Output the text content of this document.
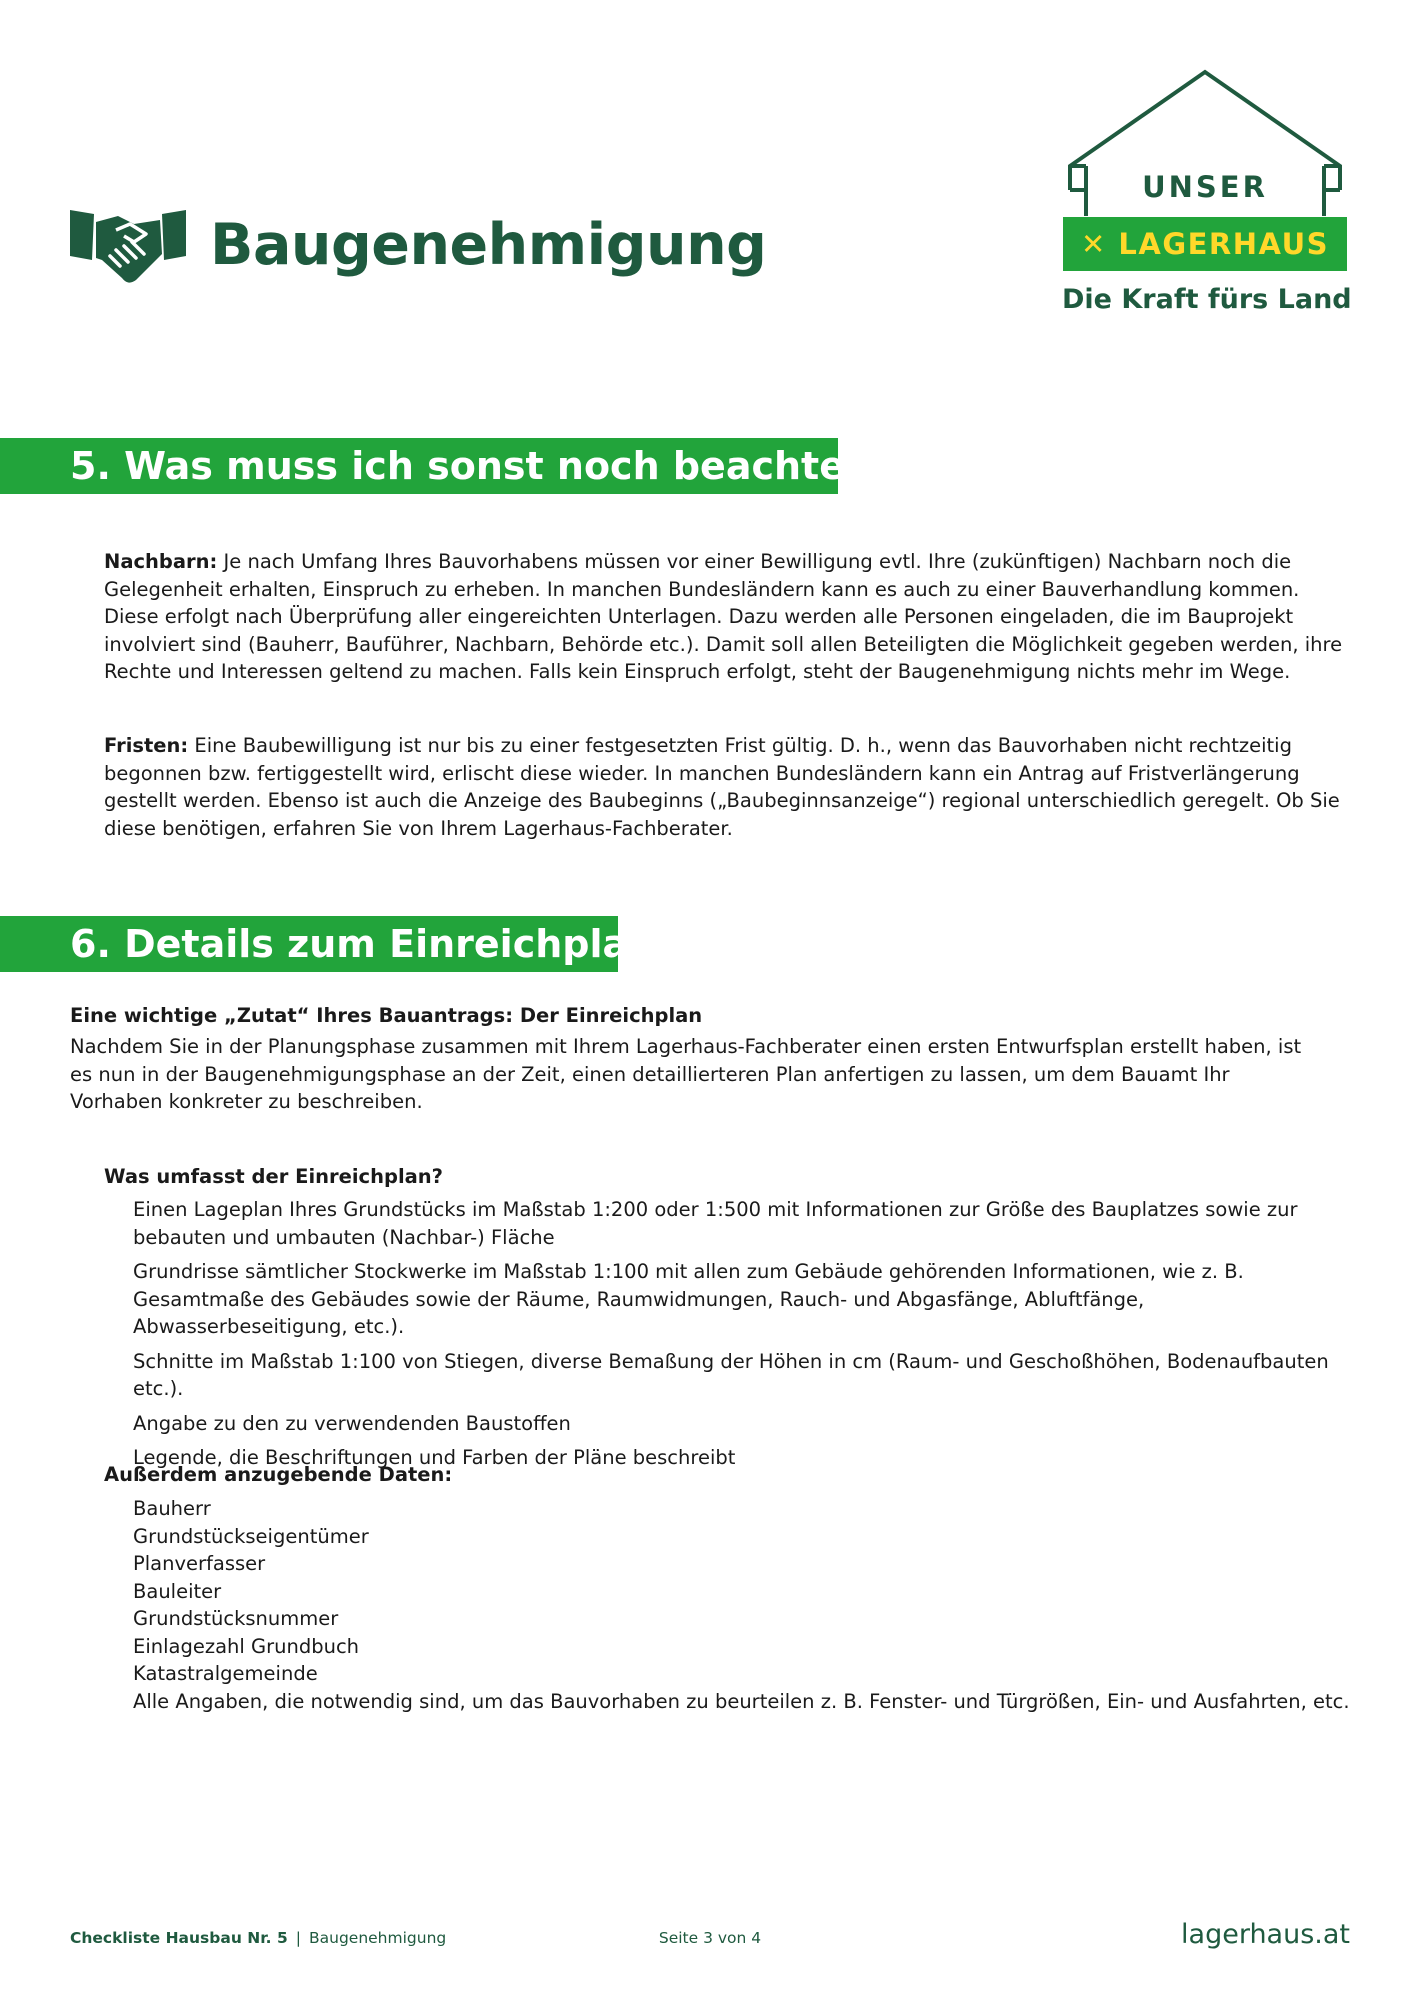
Baugenehmigung
UNSER
✕ LAGERHAUS
Die Kraft fürs Land
5. Was muss ich sonst noch beachten?
Nachbarn: Je nach Umfang Ihres Bauvorhabens müssen vor einer Bewilligung evtl. Ihre (zukünftigen) Nachbarn noch die Gelegenheit erhalten, Einspruch zu erheben. In manchen Bundesländern kann es auch zu einer Bauverhandlung kommen. Diese erfolgt nach Überprüfung aller eingereichten Unterlagen. Dazu werden alle Personen eingeladen, die im Bauprojekt involviert sind (Bauherr, Bauführer, Nachbarn, Behörde etc.). Damit soll allen Beteiligten die Möglichkeit gegeben werden, ihre Rechte und Interessen geltend zu machen. Falls kein Einspruch erfolgt, steht der Baugenehmigung nichts mehr im Wege.
Fristen: Eine Baubewilligung ist nur bis zu einer festgesetzten Frist gültig. D. h., wenn das Bauvorhaben nicht rechtzeitig begonnen bzw. fertiggestellt wird, erlischt diese wieder. In manchen Bundesländern kann ein Antrag auf Fristverlängerung gestellt werden. Ebenso ist auch die Anzeige des Baubeginns („Baubeginnsanzeige“) regional unterschiedlich geregelt. Ob Sie diese benötigen, erfahren Sie von Ihrem Lagerhaus-Fachberater.
6. Details zum Einreichplan
Eine wichtige „Zutat“ Ihres Bauantrags: Der Einreichplan
Nachdem Sie in der Planungsphase zusammen mit Ihrem Lagerhaus-Fachberater einen ersten Entwurfsplan erstellt haben, ist es nun in der Baugenehmigungsphase an der Zeit, einen detaillierteren Plan anfertigen zu lassen, um dem Bauamt Ihr Vorhaben konkreter zu beschreiben.
Was umfasst der Einreichplan?
Einen Lageplan Ihres Grundstücks im Maßstab 1:200 oder 1:500 mit Informationen zur Größe des Bauplatzes sowie zur bebauten und umbauten (Nachbar-) Fläche
Grundrisse sämtlicher Stockwerke im Maßstab 1:100 mit allen zum Gebäude gehörenden Informationen, wie z. B. Gesamtmaße des Gebäudes sowie der Räume, Raumwidmungen, Rauch- und Abgasfänge, Abluftfänge, Abwasserbeseitigung, etc.).
Schnitte im Maßstab 1:100 von Stiegen, diverse Bemaßung der Höhen in cm (Raum- und Geschoßhöhen, Bodenaufbauten etc.).
Angabe zu den zu verwendenden Baustoffen
Legende, die Beschriftungen und Farben der Pläne beschreibt
Außerdem anzugebende Daten:
Bauherr
Grundstückseigentümer
Planverfasser
Bauleiter
Grundstücksnummer
Einlagezahl Grundbuch
Katastralgemeinde
Alle Angaben, die notwendig sind, um das Bauvorhaben zu beurteilen z. B. Fenster- und Türgrößen, Ein- und Ausfahrten, etc.
Checkliste Hausbau Nr. 5 | Baugenehmigung	Seite 3 von 4	lagerhaus.at
